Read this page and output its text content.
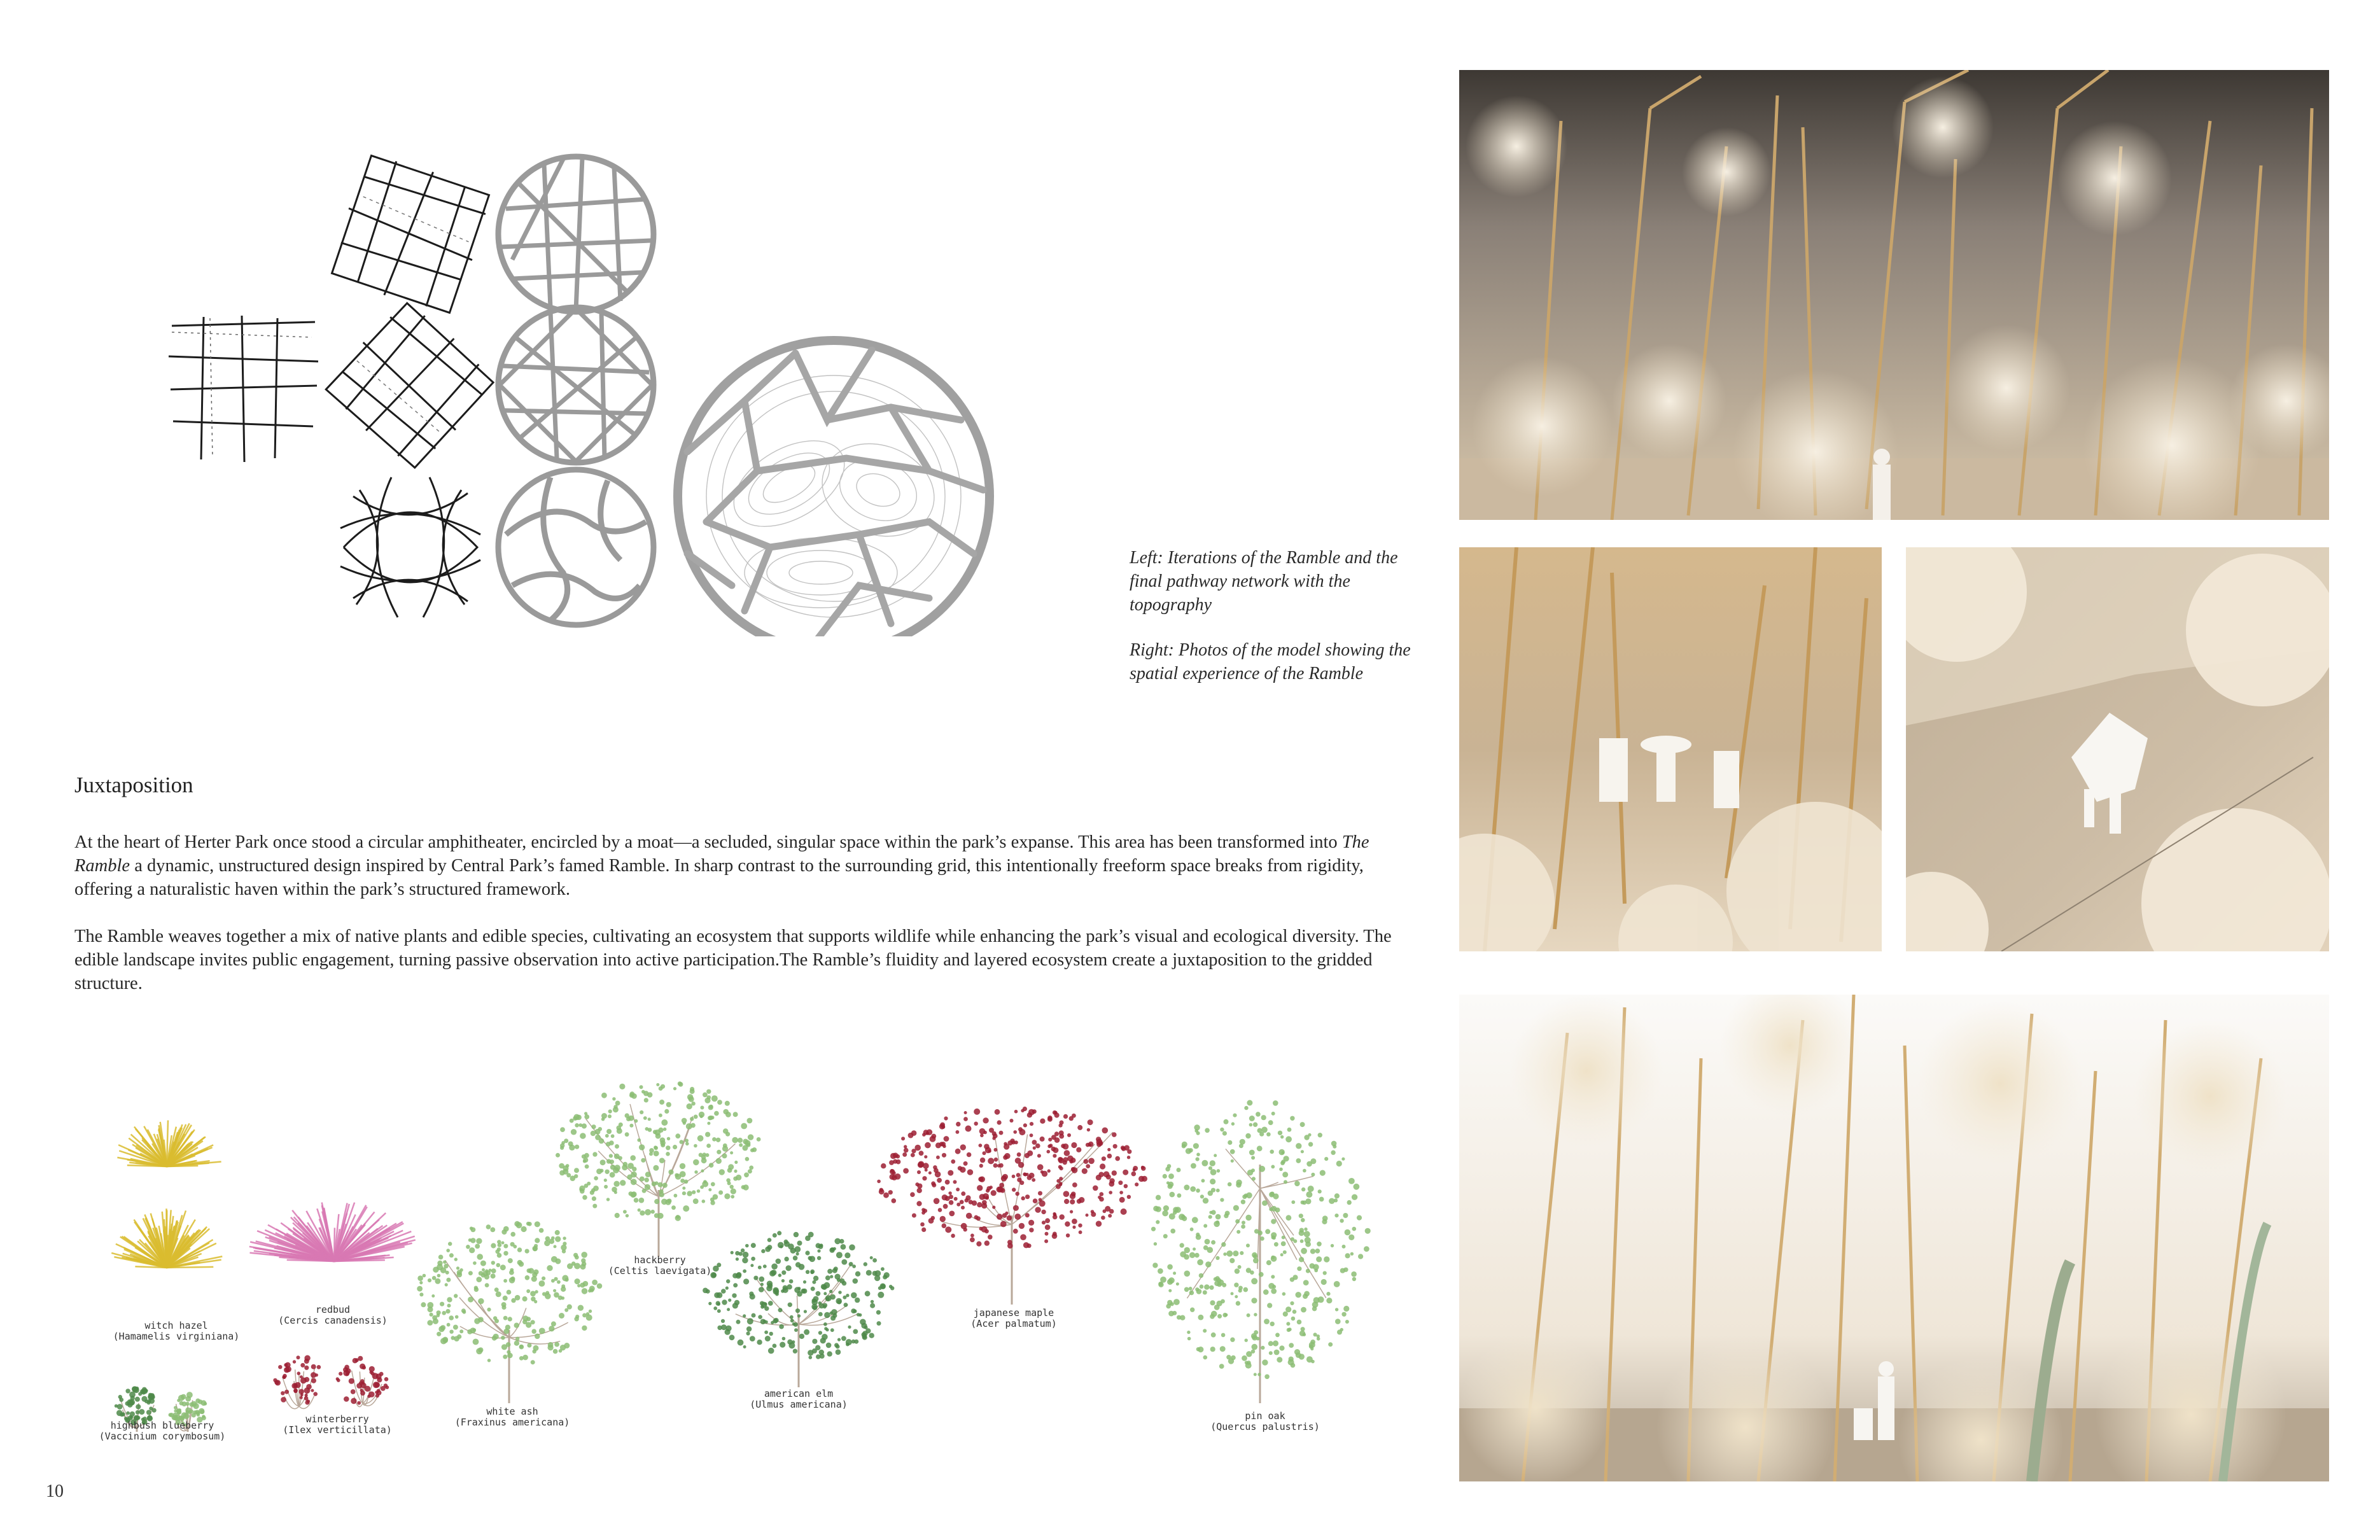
Left: Iterations of the Ramble and the final pathway network with the topography

Right: Photos of the model showing the spatial experience of the Ramble

Juxtaposition

At the heart of Herter Park once stood a circular amphitheater, encircled by a moat—a secluded, singular space within the park’s expanse. This area has been transformed into The Ramble a dynamic, unstructured design inspired by Central Park’s famed Ramble. In sharp contrast to the surrounding grid, this intentionally freeform space breaks from rigidity, offering a naturalistic haven within the park’s structured framework.

The Ramble weaves together a mix of native plants and edible species, cultivating an ecosystem that supports wildlife while enhancing the park’s visual and ecological diversity. The edible landscape invites public engagement, turning passive observation into active participation.The Ramble’s fluidity and layered ecosystem create a juxtaposition to the gridded structure.

witch hazel
(Hamamelis virginiana)
highbush blueberry
(Vaccinium corymbosum)
redbud
(Cercis canadensis)
winterberry
(Ilex verticillata)
white ash
(Fraxinus americana)
hackberry
(Celtis laevigata)
american elm
(Ulmus americana)
japanese maple
(Acer palmatum)
pin oak
(Quercus palustris)
10
